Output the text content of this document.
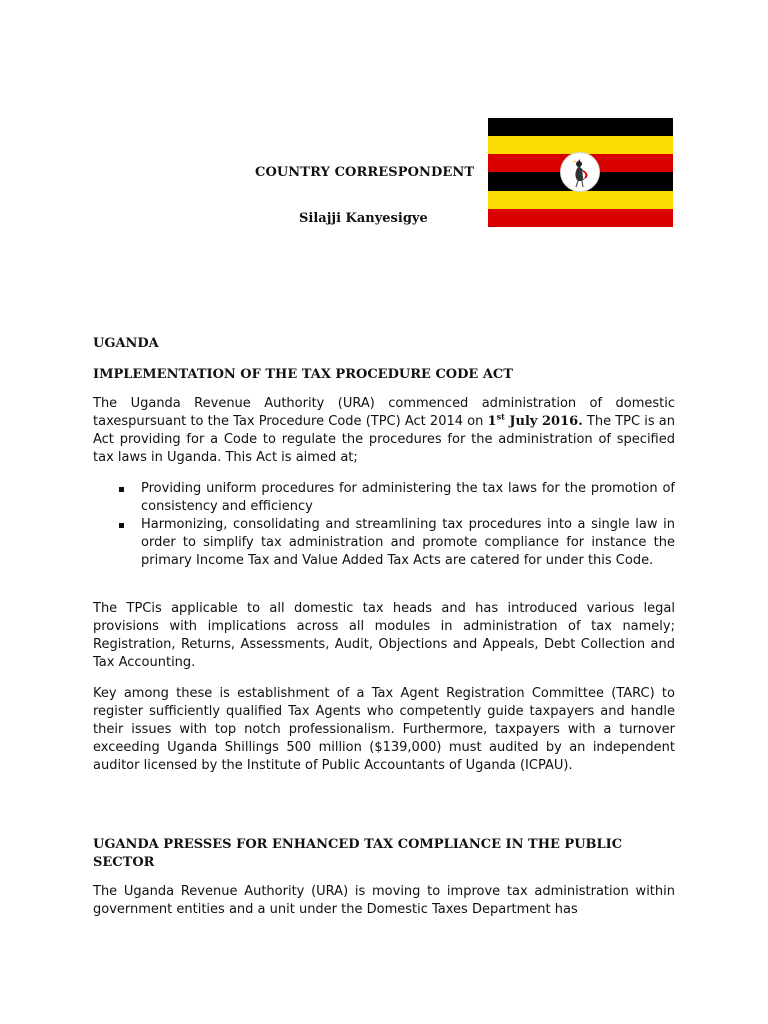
COUNTRY CORRESPONDENT
Silajji Kanyesigye
UGANDA
IMPLEMENTATION OF THE TAX PROCEDURE CODE ACT

The Uganda Revenue Authority (URA) commenced administration of domestic taxespursuant to the Tax Procedure Code (TPC) Act 2014 on 1st July 2016. The TPC is an Act providing for a Code to regulate the procedures for the administration of specified tax laws in Uganda. This Act is aimed at;

Providing uniform procedures for administering the tax laws for the promotion of consistency and efficiency
Harmonizing, consolidating and streamlining tax procedures into a single law in order to simplify tax administration and promote compliance for instance the primary Income Tax and Value Added Tax Acts are catered for under this Code.

The TPCis applicable to all domestic tax heads and has introduced various legal provisions with implications across all modules in administration of tax namely; Registration, Returns, Assessments, Audit, Objections and Appeals, Debt Collection and Tax Accounting.

Key among these is establishment of a Tax Agent Registration Committee (TARC) to register sufficiently qualified Tax Agents who competently guide taxpayers and handle their issues with top notch professionalism. Furthermore, taxpayers with a turnover exceeding Uganda Shillings 500 million ($139,000) must audited by an independent auditor licensed by the Institute of Public Accountants of Uganda (ICPAU).

UGANDA PRESSES FOR ENHANCED TAX COMPLIANCE IN THE PUBLIC SECTOR

The Uganda Revenue Authority (URA) is moving to improve tax administration within government entities and a unit under the Domestic Taxes Department has
